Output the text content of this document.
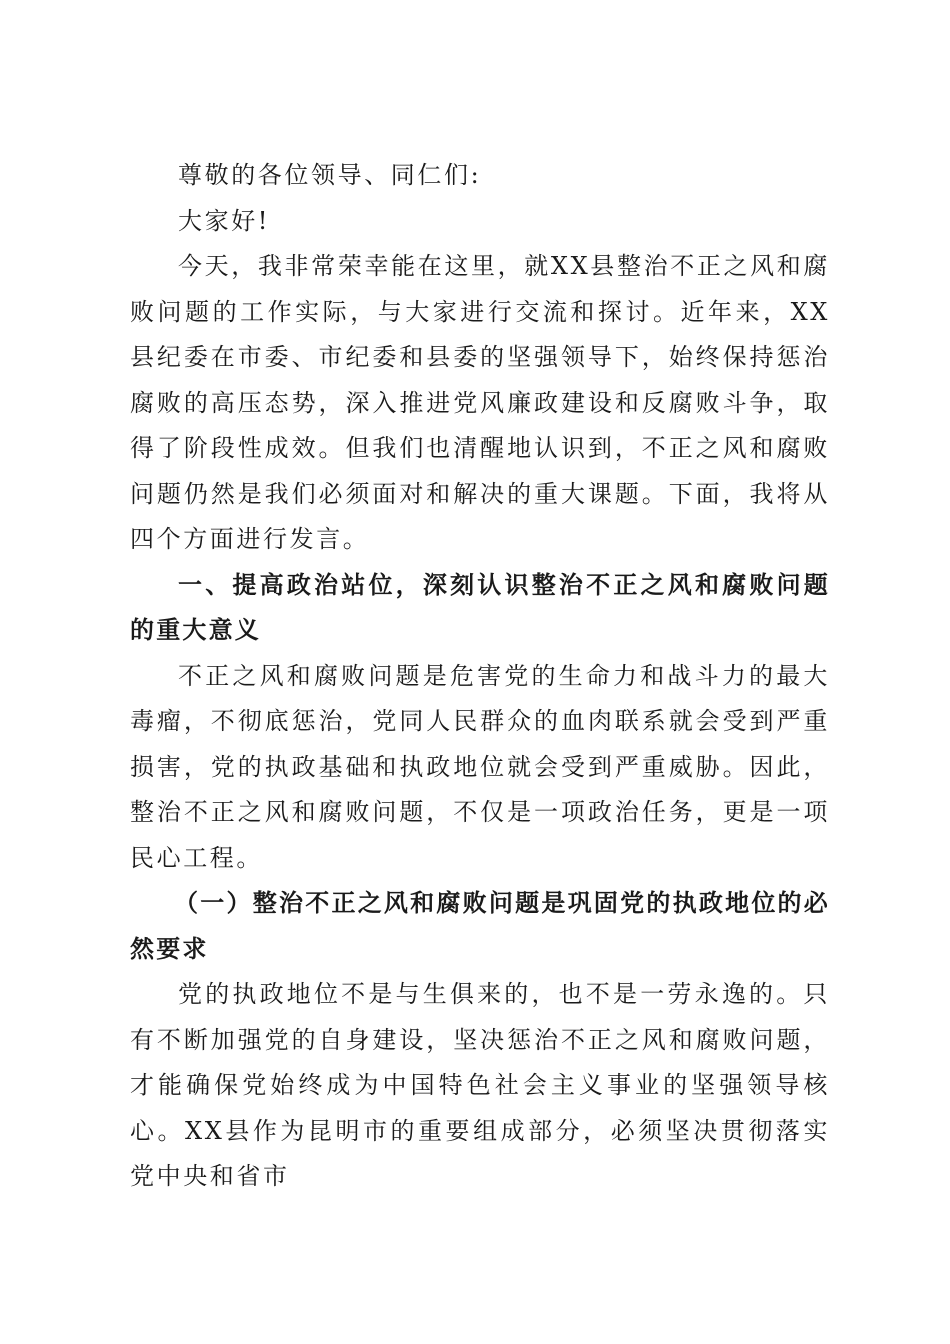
尊敬的各位领导、同仁们:

大家好!

今天，我非常荣幸能在这里，就XX县整治不正之风和腐败问题的工作实际，与大家进行交流和探讨。近年来，XX县纪委在市委、市纪委和县委的坚强领导下，始终保持惩治腐败的高压态势，深入推进党风廉政建设和反腐败斗争，取得了阶段性成效。但我们也清醒地认识到，不正之风和腐败问题仍然是我们必须面对和解决的重大课题。下面，我将从四个方面进行发言。

一、提高政治站位，深刻认识整治不正之风和腐败问题的重大意义

不正之风和腐败问题是危害党的生命力和战斗力的最大毒瘤，不彻底惩治，党同人民群众的血肉联系就会受到严重损害，党的执政基础和执政地位就会受到严重威胁。因此，整治不正之风和腐败问题，不仅是一项政治任务，更是一项民心工程。

（一）整治不正之风和腐败问题是巩固党的执政地位的必然要求

党的执政地位不是与生俱来的，也不是一劳永逸的。只有不断加强党的自身建设，坚决惩治不正之风和腐败问题，才能确保党始终成为中国特色社会主义事业的坚强领导核心。XX县作为昆明市的重要组成部分，必须坚决贯彻落实党中央和省市
